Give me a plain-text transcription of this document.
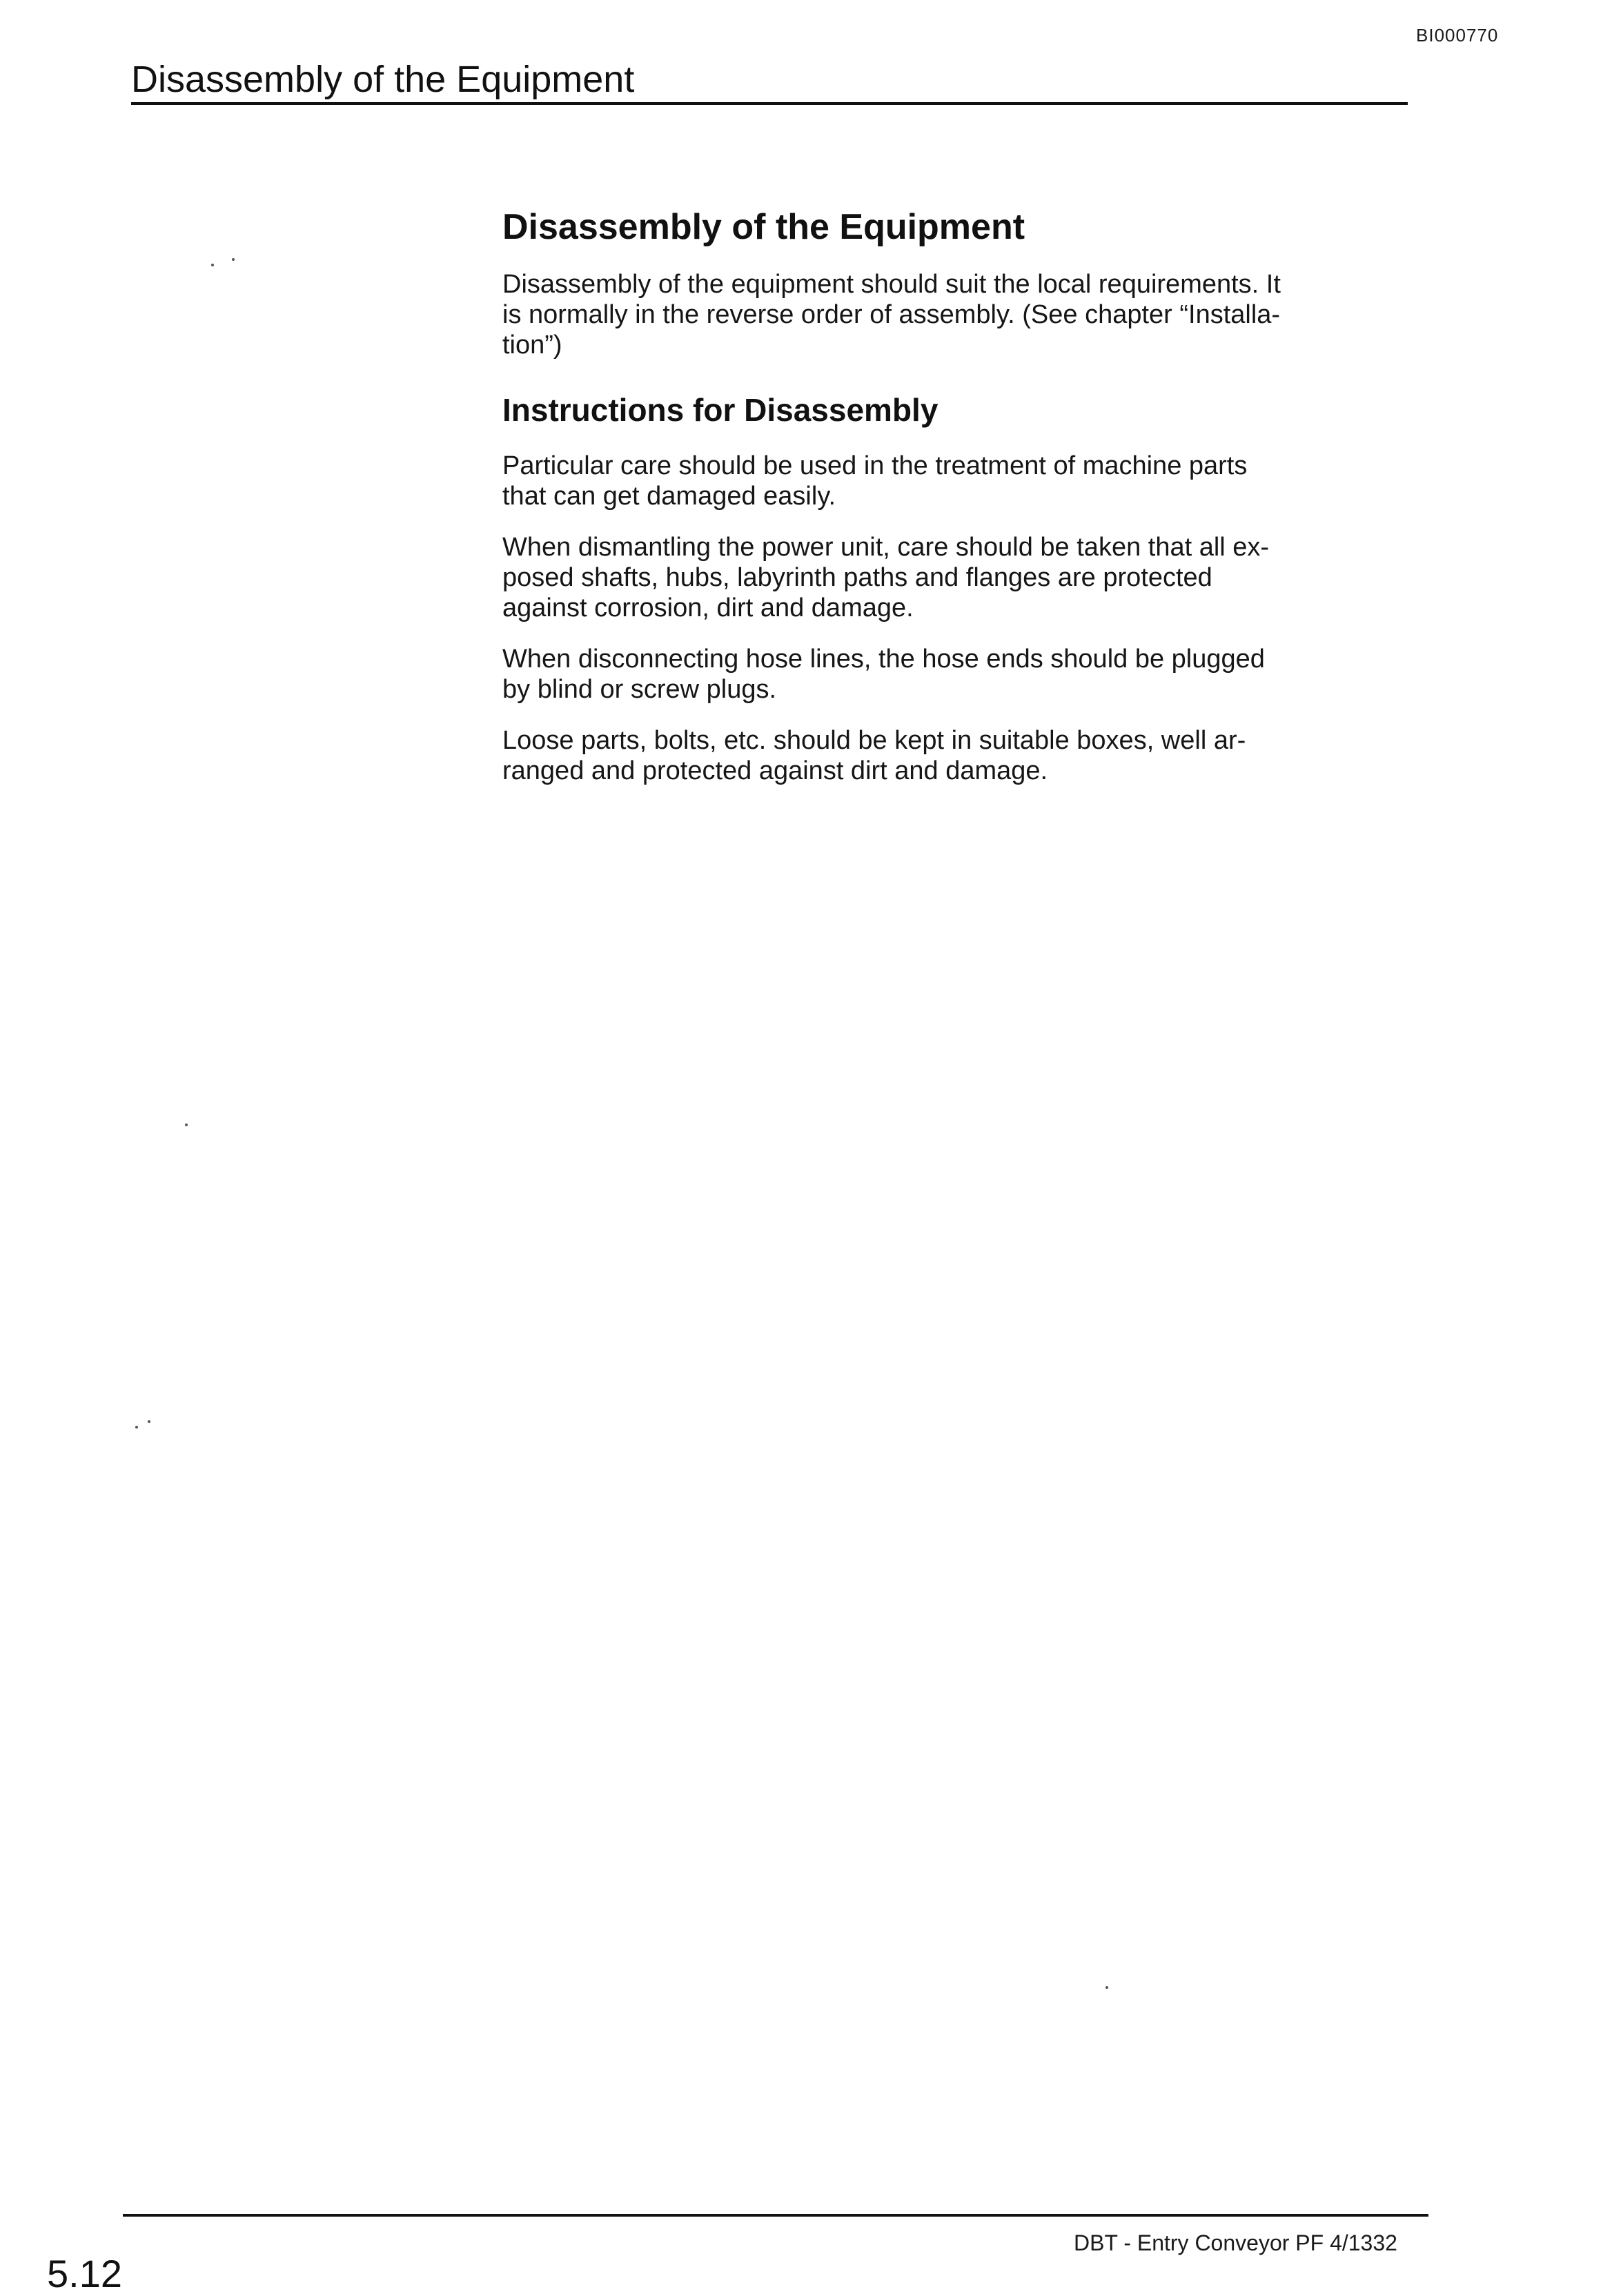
BI000770
Disassembly of the Equipment
Disassembly of the Equipment

Disassembly of the equipment should suit the local requirements. It
is normally in the reverse order of assembly. (See chapter “Installa-
tion”)

Instructions for Disassembly

Particular care should be used in the treatment of machine parts
that can get damaged easily.

When dismantling the power unit, care should be taken that all ex-
posed shafts, hubs, labyrinth paths and flanges are protected
against corrosion, dirt and damage.

When disconnecting hose lines, the hose ends should be plugged
by blind or screw plugs.

Loose parts, bolts, etc. should be kept in suitable boxes, well ar-
ranged and protected against dirt and damage.

5.12
DBT - Entry Conveyor PF 4/1332
